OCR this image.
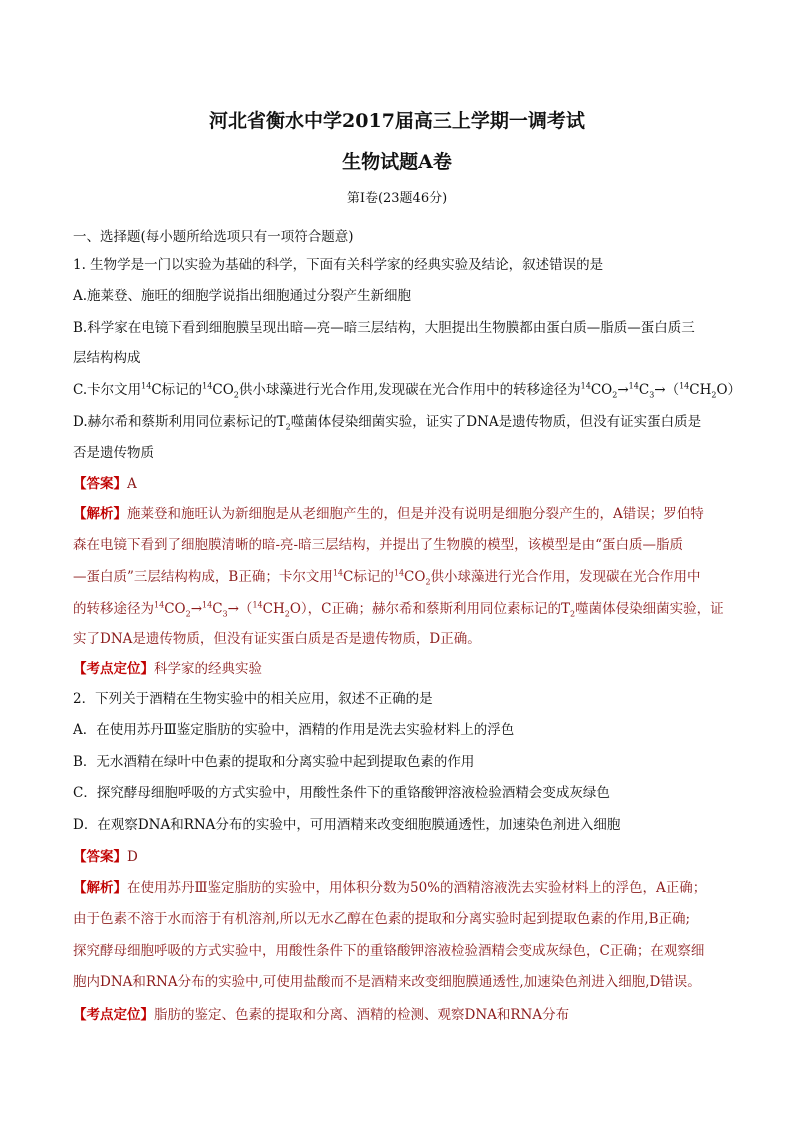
河北省衡水中学2017届高三上学期一调考试
生物试题A卷
第I卷(23题46分)
一、选择题(每小题所给选项只有一项符合题意)
1. 生物学是一门以实验为基础的科学，下面有关科学家的经典实验及结论，叙述错误的是
A.施莱登、施旺的细胞学说指出细胞通过分裂产生新细胞
B.科学家在电镜下看到细胞膜呈现出暗—亮—暗三层结构，大胆提出生物膜都由蛋白质—脂质—蛋白质三
层结构构成
C.卡尔文用$^{14}$C标记的$^{14}CO_2$供小球藻进行光合作用,发现碳在光合作用中的转移途径为$^{14}CO_2\to^{14}C_3\to(^{14}CH_2O)$
D.赫尔希和蔡斯利用同位素标记的$T_2$噬菌体侵染细菌实验，证实了DNA是遗传物质，但没有证实蛋白质是
否是遗传物质
【答案】A
【解析】施莱登和施旺认为新细胞是从老细胞产生的，但是并没有说明是细胞分裂产生的，A错误；罗伯特
森在电镜下看到了细胞膜清晰的暗-亮-暗三层结构，并提出了生物膜的模型，该模型是由“蛋白质—脂质
—蛋白质”三层结构构成，B正确；卡尔文用$^{14}$C标记的$^{14}CO_2$供小球藻进行光合作用，发现碳在光合作用中
的转移途径为$^{14}CO_2\to^{14}C_3\to(^{14}CH_2O)$，C正确；赫尔希和蔡斯利用同位素标记的$T_2$噬菌体侵染细菌实验，证
实了DNA是遗传物质，但没有证实蛋白质是否是遗传物质，D正确。
【考点定位】科学家的经典实验
2．下列关于酒精在生物实验中的相关应用，叙述不正确的是
A．在使用苏丹Ⅲ鉴定脂肪的实验中，酒精的作用是洗去实验材料上的浮色
B．无水酒精在绿叶中色素的提取和分离实验中起到提取色素的作用
C．探究酵母细胞呼吸的方式实验中，用酸性条件下的重铬酸钾溶液检验酒精会变成灰绿色
D．在观察DNA和RNA分布的实验中，可用酒精来改变细胞膜通透性，加速染色剂进入细胞
【答案】D
【解析】在使用苏丹Ⅲ鉴定脂肪的实验中，用体积分数为50%的酒精溶液洗去实验材料上的浮色，A正确；
由于色素不溶于水而溶于有机溶剂,所以无水乙醇在色素的提取和分离实验时起到提取色素的作用,B正确;
探究酵母细胞呼吸的方式实验中，用酸性条件下的重铬酸钾溶液检验酒精会变成灰绿色，C正确；在观察细
胞内DNA和RNA分布的实验中,可使用盐酸而不是酒精来改变细胞膜通透性,加速染色剂进入细胞,D错误。
【考点定位】脂肪的鉴定、色素的提取和分离、酒精的检测、观察DNA和RNA分布
